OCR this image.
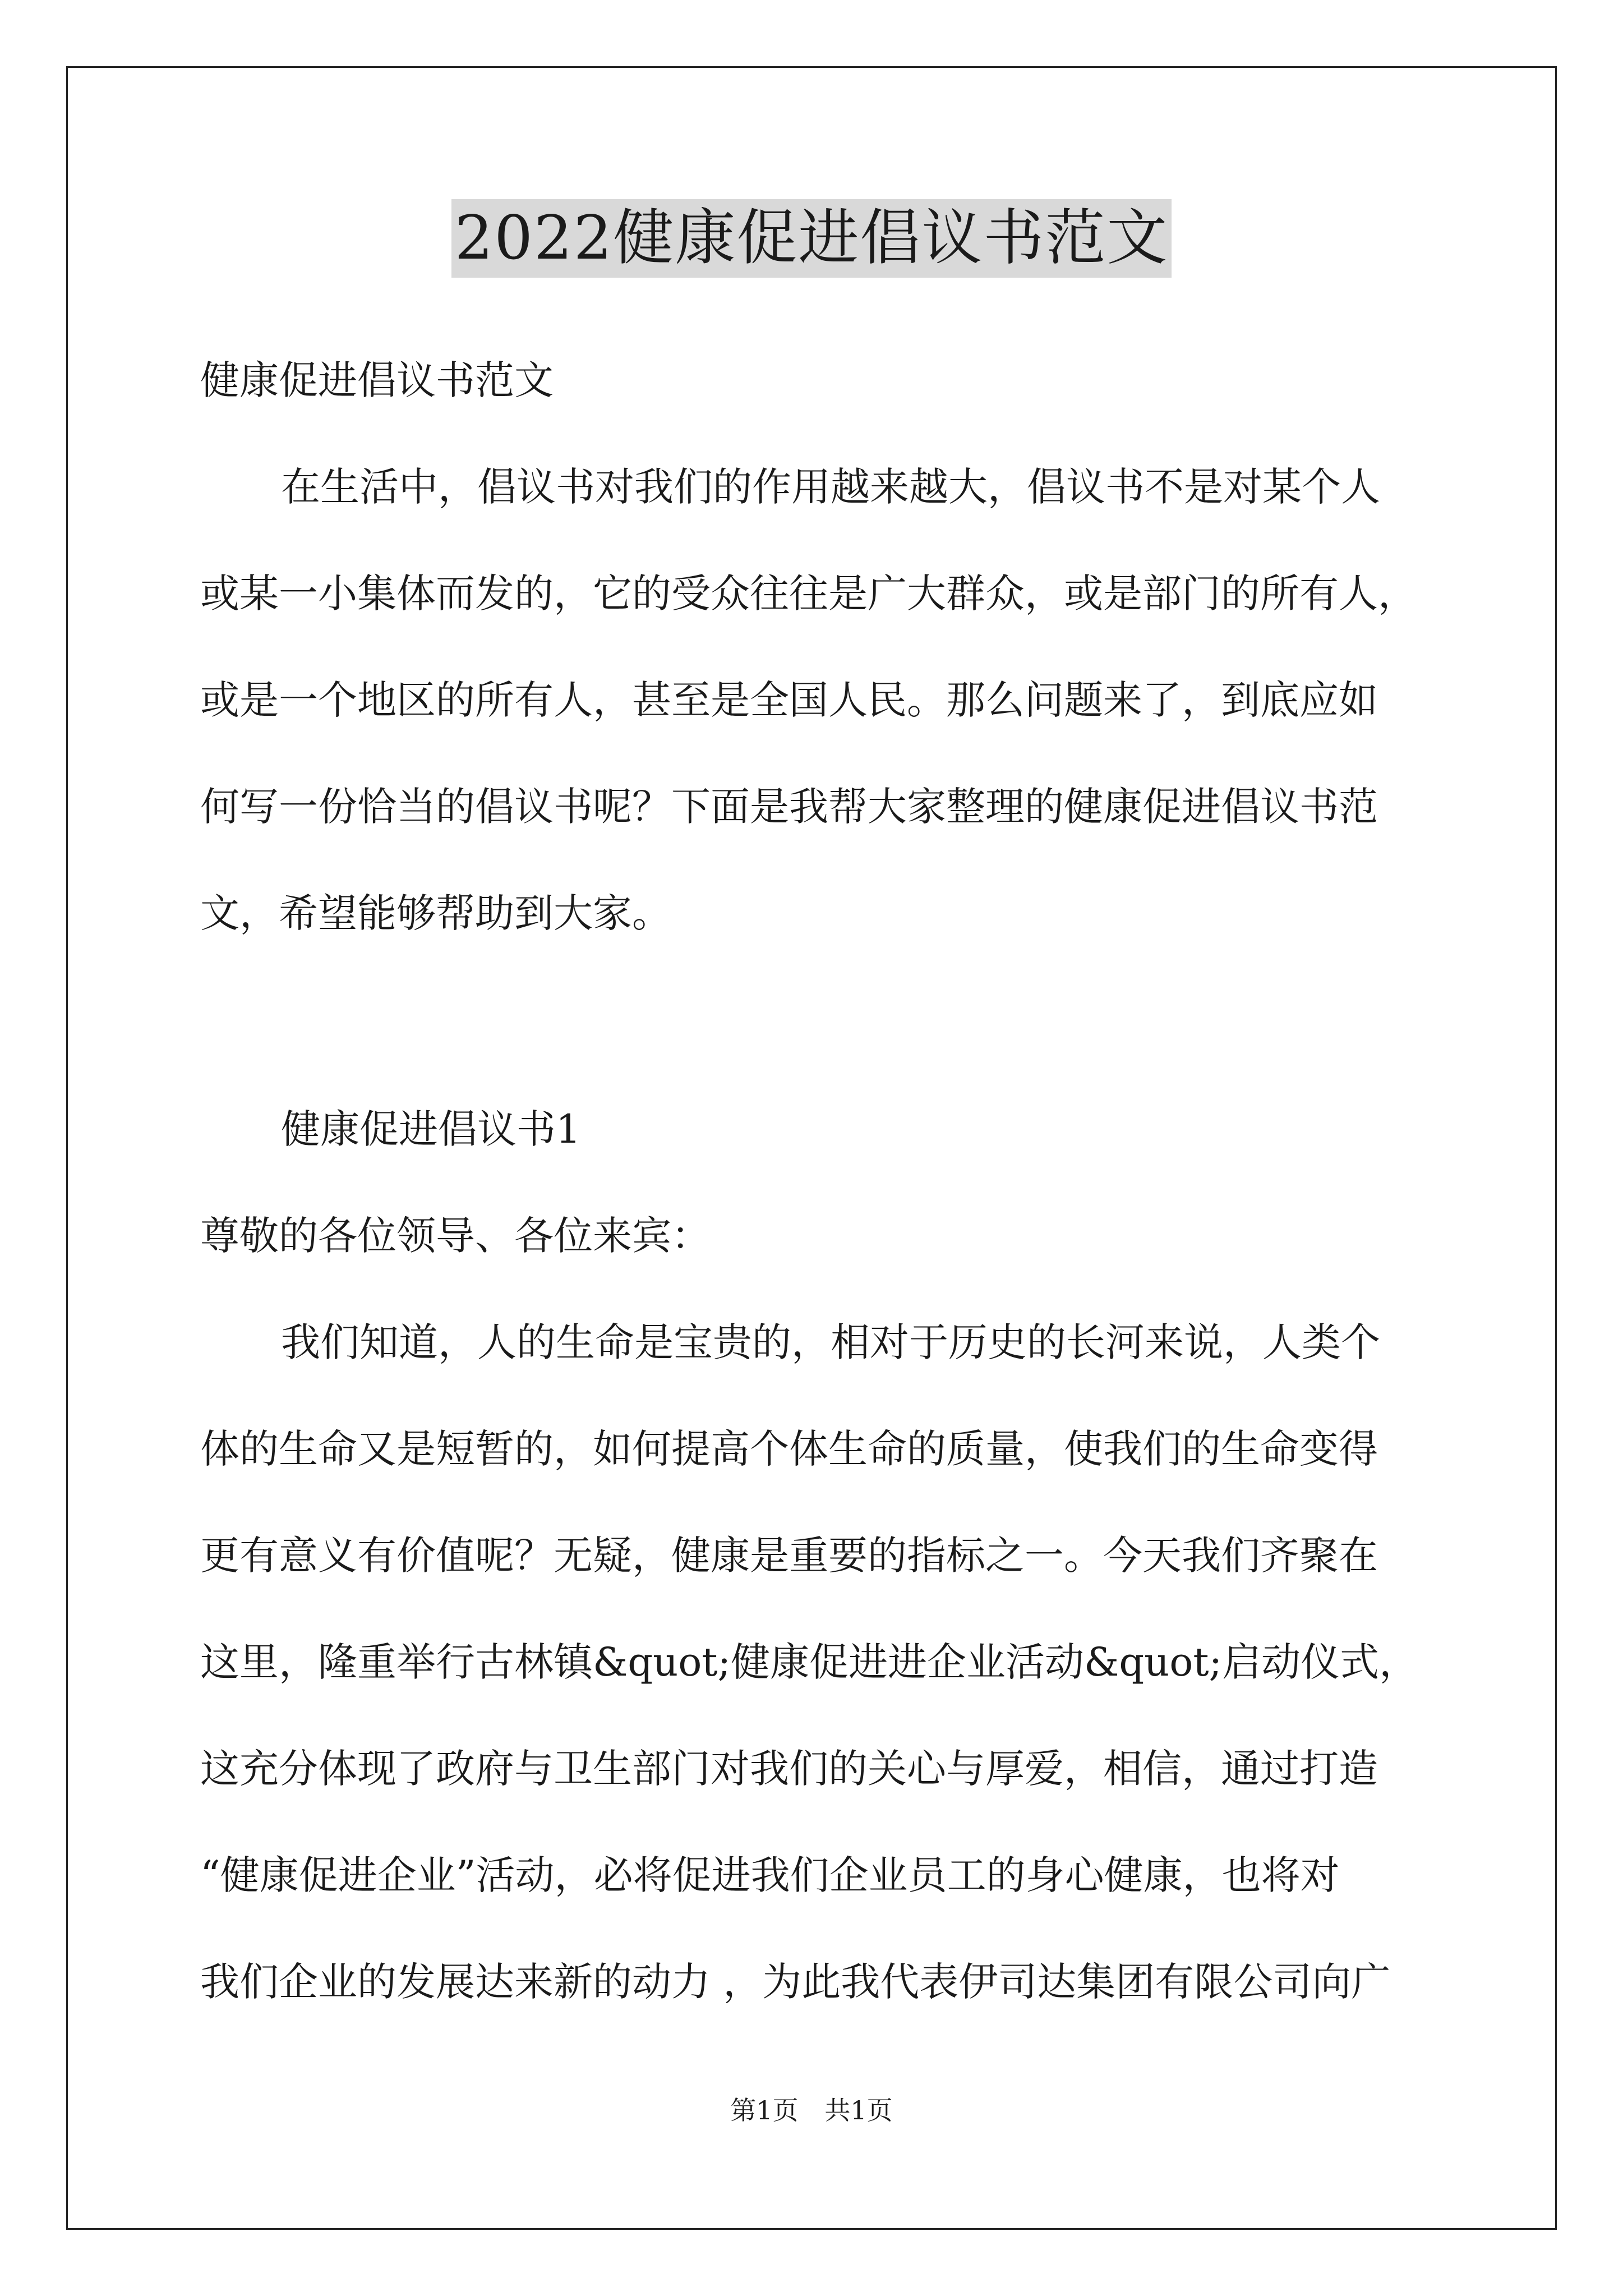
2022健康促进倡议书范文
健康促进倡议书范文
在生活中，倡议书对我们的作用越来越大，倡议书不是对某个人
或某一小集体而发的，它的受众往往是广大群众，或是部门的所有人，
或是一个地区的所有人，甚至是全国人民。那么问题来了，到底应如
何写一份恰当的倡议书呢？下面是我帮大家整理的健康促进倡议书范
文，希望能够帮助到大家。
健康促进倡议书1
尊敬的各位领导、各位来宾：
我们知道，人的生命是宝贵的，相对于历史的长河来说，人类个
体的生命又是短暂的，如何提高个体生命的质量，使我们的生命变得
更有意义有价值呢？无疑，健康是重要的指标之一。今天我们齐聚在
这里，隆重举行古林镇&quot;健康促进进企业活动&quot;启动仪式，
这充分体现了政府与卫生部门对我们的关心与厚爱，相信，通过打造
“健康促进企业”活动，必将促进我们企业员工的身心健康，也将对
我们企业的发展达来新的动力 ，为此我代表伊司达集团有限公司向广
第1页 共1页
